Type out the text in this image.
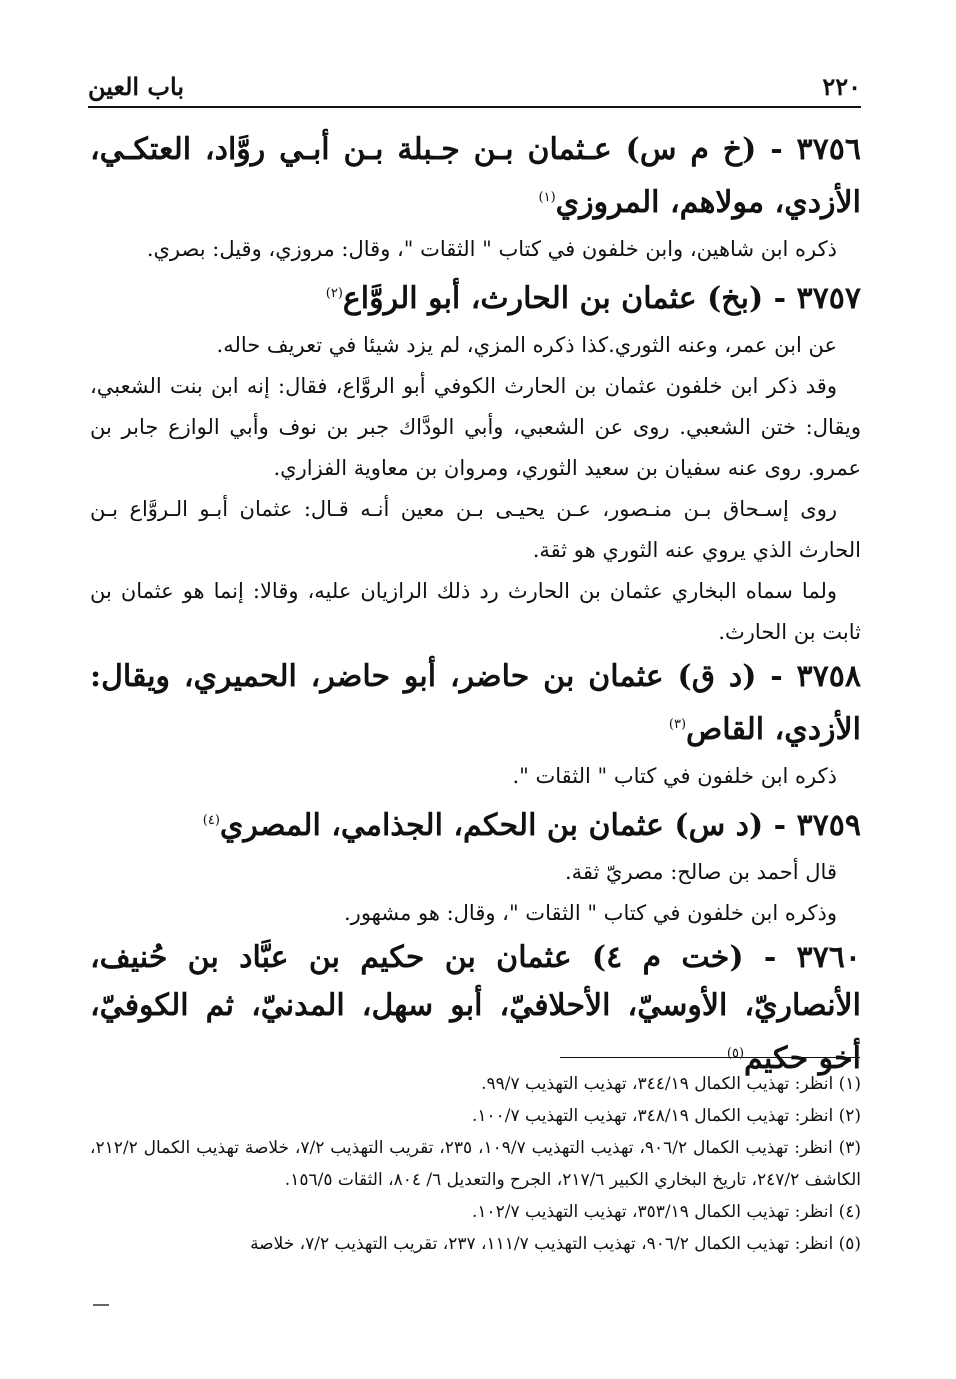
٢٢٠
باب العين

٣٧٥٦ - (خ م س) عـثمان بـن جـبلة بـن أبـي روَّاد، العتكـي، الأزدي، مولاهم، المروزي$^{(١)}$

ذكره ابن شاهين، وابن خلفون في كتاب " الثقات "، وقال: مروزي، وقيل: بصري.

٣٧٥٧ - (بخ) عثمان بن الحارث، أبو الروَّاع$^{(٢)}$

عن ابن عمر، وعنه الثوري.كذا ذكره المزي، لم يزد شيئا في تعريف حاله.

وقد ذكر ابن خلفون عثمان بن الحارث الكوفي أبو الروَّاع، فقال: إنه ابن بنت الشعبي، ويقال: ختن الشعبي. روى عن الشعبي، وأبي الودَّاك جبر بن نوف وأبي الوازع جابر بن عمرو. روى عنه سفيان بن سعيد الثوري، ومروان بن معاوية الفزاري.

روى إسـحاق بـن منـصور، عـن يحيـى بـن معين أنـه قـال: عثمان أبـو الـروَّاع بـن الحارث الذي يروي عنه الثوري هو ثقة.

ولما سماه البخاري عثمان بن الحارث رد ذلك الرازيان عليه، وقالا: إنما هو عثمان بن ثابت بن الحارث.

٣٧٥٨ - (د ق) عثمان بن حاضر، أبو حاضر، الحميري، ويقال: الأزدي، القاص$^{(٣)}$

ذكره ابن خلفون في كتاب " الثقات ".

٣٧٥٩ - (د س) عثمان بن الحكم، الجذامي، المصري$^{(٤)}$

قال أحمد بن صالح: مصريّ ثقة.

وذكره ابن خلفون في كتاب " الثقات "، وقال: هو مشهور.

٣٧٦٠ - (خت م ٤) عثمان بن حكيم بن عبَّاد بن حُنيف، الأنصاريّ، الأوسيّ، الأحلافيّ، أبو سهل، المدنيّ، ثم الكوفيّ، أخو حكيم$^{(٥)}$

(١) انظر: تهذيب الكمال ٣٤٤/١٩، تهذيب التهذيب ٩٩/٧.

(٢) انظر: تهذيب الكمال ٣٤٨/١٩، تهذيب التهذيب ١٠٠/٧.

(٣) انظر: تهذيب الكمال ٩٠٦/٢، تهذيب التهذيب ١٠٩/٧، ٢٣٥، تقريب التهذيب ٧/٢، خلاصة تهذيب الكمال ٢١٢/٢، الكاشف ٢٤٧/٢، تاريخ البخاري الكبير ٢١٧/٦، الجرح والتعديل ٦/ ٨٠٤، الثقات ١٥٦/٥.

(٤) انظر: تهذيب الكمال ٣٥٣/١٩، تهذيب التهذيب ١٠٢/٧.

(٥) انظر: تهذيب الكمال ٩٠٦/٢، تهذيب التهذيب ١١١/٧، ٢٣٧، تقريب التهذيب ٧/٢، خلاصة
